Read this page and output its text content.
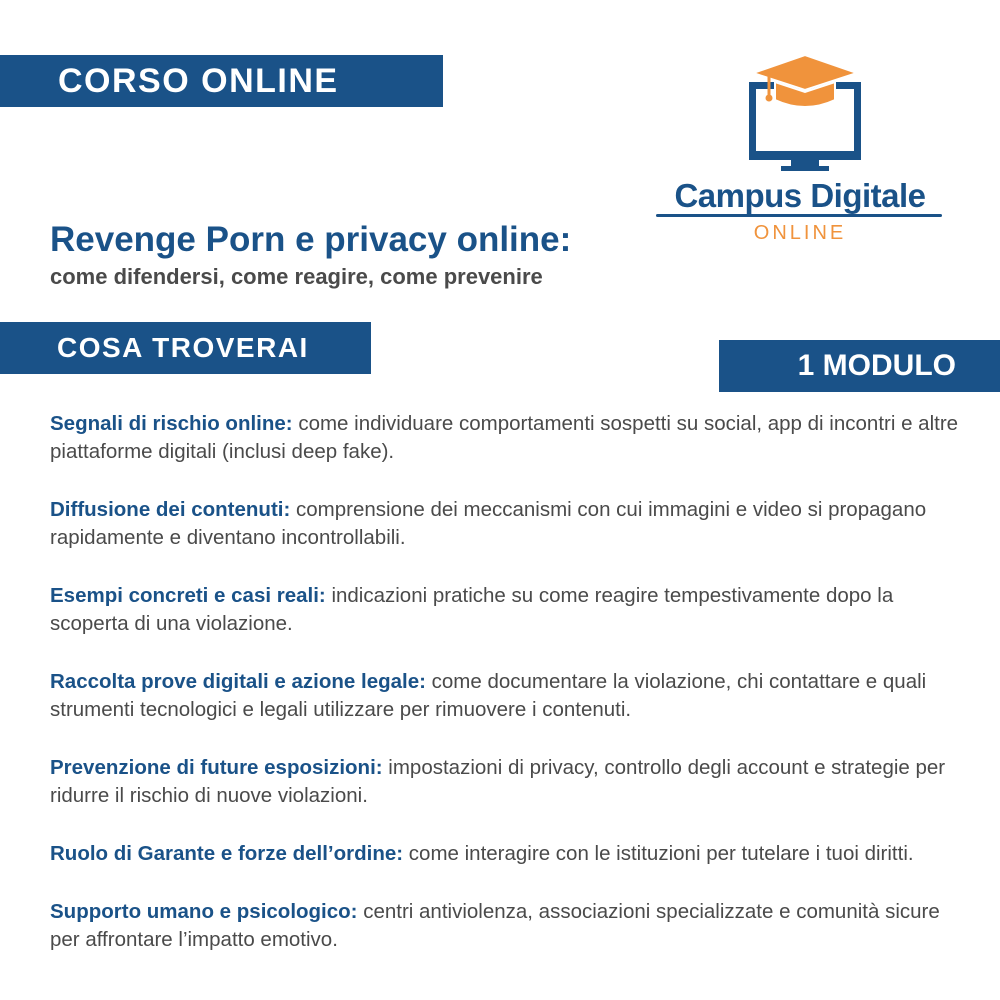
CORSO ONLINE
Campus Digitale
ONLINE
Revenge Porn e privacy online:
come difendersi, come reagire, come prevenire
COSA TROVERAI
1 MODULO

Segnali di rischio online: come individuare comportamenti sospetti su social, app di incontri e altre piattaforme digitali (inclusi deep fake).

Diffusione dei contenuti: comprensione dei meccanismi con cui immagini e video si propagano rapidamente e diventano incontrollabili.

Esempi concreti e casi reali: indicazioni pratiche su come reagire tempestivamente dopo la scoperta di una violazione.

Raccolta prove digitali e azione legale: come documentare la violazione, chi contattare e quali strumenti tecnologici e legali utilizzare per rimuovere i contenuti.

Prevenzione di future esposizioni: impostazioni di privacy, controllo degli account e strategie per ridurre il rischio di nuove violazioni.

Ruolo di Garante e forze dell’ordine: come interagire con le istituzioni per tutelare i tuoi diritti.

Supporto umano e psicologico: centri antiviolenza, associazioni specializzate e comunità sicure per affrontare l’impatto emotivo.
